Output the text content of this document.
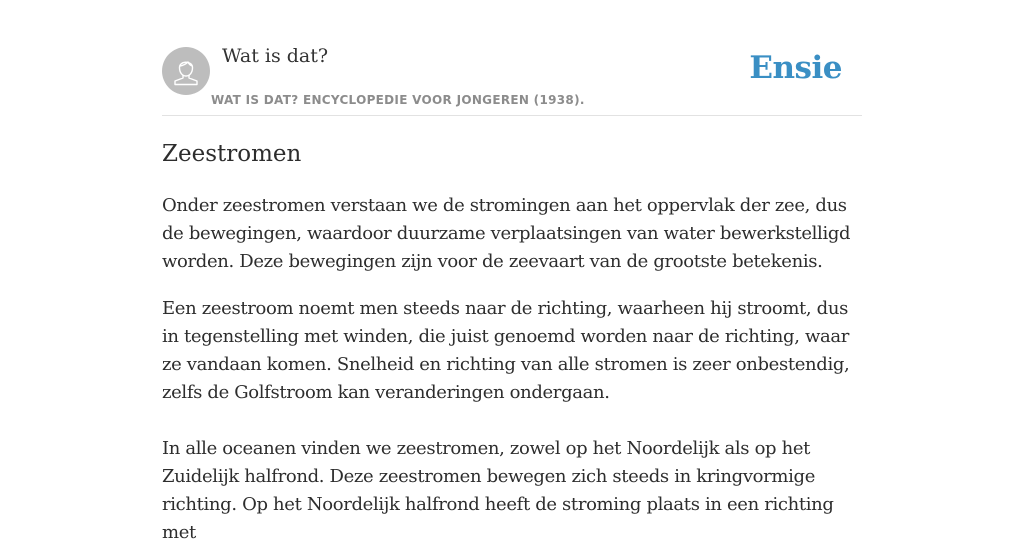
Wat is dat?
WAT IS DAT? ENCYCLOPEDIE VOOR JONGEREN (1938).
Ensie
Zeestromen

Onder zeestromen verstaan we de stromingen aan het oppervlak der zee, dus de bewegingen, waardoor duurzame verplaatsingen van water bewerkstelligd worden. Deze bewegingen zijn voor de zeevaart van de grootste betekenis.

Een zeestroom noemt men steeds naar de richting, waarheen hij stroomt, dus in tegenstelling met winden, die juist genoemd worden naar de richting, waar ze vandaan komen. Snelheid en richting van alle stromen is zeer onbestendig, zelfs de Golfstroom kan veranderingen ondergaan.

In alle oceanen vinden we zeestromen, zowel op het Noordelijk als op het Zuidelijk halfrond. Deze zeestromen bewegen zich steeds in kringvormige richting. Op het Noordelijk halfrond heeft de stroming plaats in een richting met
